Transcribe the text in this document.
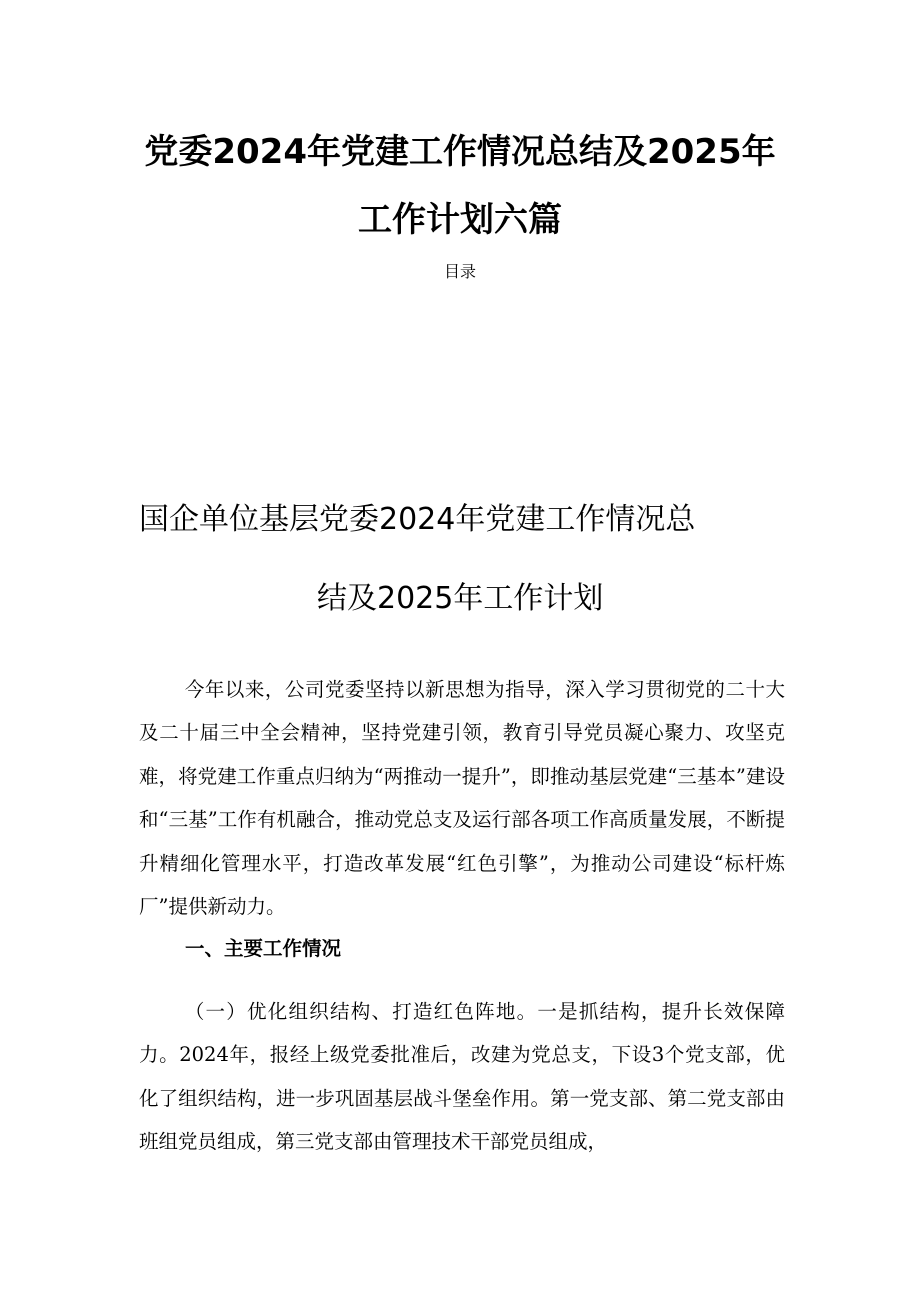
党委2024年党建工作情况总结及2025年
工作计划六篇
目录
国企单位基层党委2024年党建工作情况总
结及2025年工作计划

今年以来，公司党委坚持以新思想为指导，深入学习贯彻党的二十大及二十届三中全会精神，坚持党建引领，教育引导党员凝心聚力、攻坚克难，将党建工作重点归纳为“两推动一提升”，即推动基层党建“三基本”建设和“三基”工作有机融合，推动党总支及运行部各项工作高质量发展，不断提升精细化管理水平，打造改革发展“红色引擎”，为推动公司建设“标杆炼厂”提供新动力。

一、主要工作情况

（一）优化组织结构、打造红色阵地。一是抓结构，提升长效保障力。2024年，报经上级党委批准后，改建为党总支，下设3个党支部，优化了组织结构，进一步巩固基层战斗堡垒作用。第一党支部、第二党支部由班组党员组成，第三党支部由管理技术干部党员组成，
